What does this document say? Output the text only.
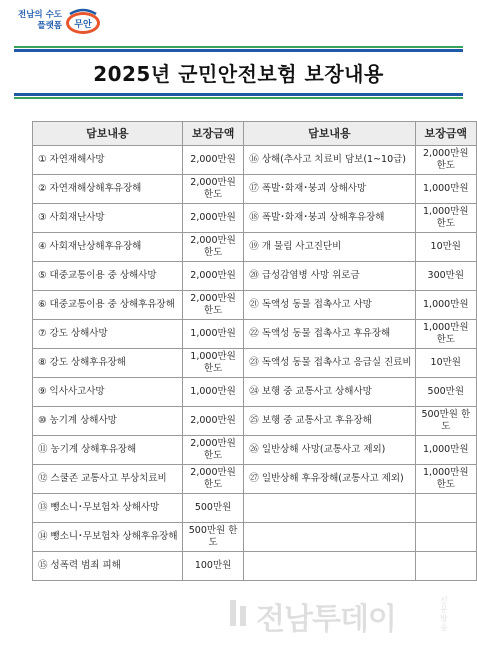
전남의 수도
플랫폼 무안
2025년 군민안전보험 보장내용
담보내용	보장금액	담보내용	보장금액
① 자연재해사망	2,000만원	⑯ 상해(추사고 치료비 담보(1~10급)	2,000만원 한도
② 자연재해상해후유장해	2,000만원 한도	⑰ 폭발･화재･붕괴 상해사망	1,000만원
③ 사회재난사망	2,000만원	⑱ 폭발･화재･붕괴 상해후유장해	1,000만원 한도
④ 사회재난상해후유장해	2,000만원 한도	⑲ 개 물림 사고진단비	10만원
⑤ 대중교통이용 중 상해사망	2,000만원	⑳ 급성감염병 사망 위로금	300만원
⑥ 대중교통이용 중 상해후유장해	2,000만원 한도	㉑ 독액성 동물 접촉사고 사망	1,000만원
⑦ 강도 상해사망	1,000만원	㉒ 독액성 동물 접촉사고 후유장해	1,000만원 한도
⑧ 강도 상해후유장해	1,000만원 한도	㉓ 독액성 동물 접촉사고 응급실 진료비	10만원
⑨ 익사사고사망	1,000만원	㉔ 보행 중 교통사고 상해사망	500만원
⑩ 농기계 상해사망	2,000만원	㉕ 보행 중 교통사고 후유장해	500만원 한도
⑪ 농기계 상해후유장해	2,000만원 한도	㉖ 일반상해 사망(교통사고 제외)	1,000만원
⑫ 스쿨존 교통사고 부상치료비	2,000만원 한도	㉗ 일반상해 후유장해(교통사고 제외)	1,000만원 한도
⑬ 뺑소니･무보험차 상해사망	500만원		
⑭ 뺑소니･무보험차 상해후유장해	500만원 한도		
⑮ 성폭력 범죄 피해	100만원		
전남투데이
신문방송
